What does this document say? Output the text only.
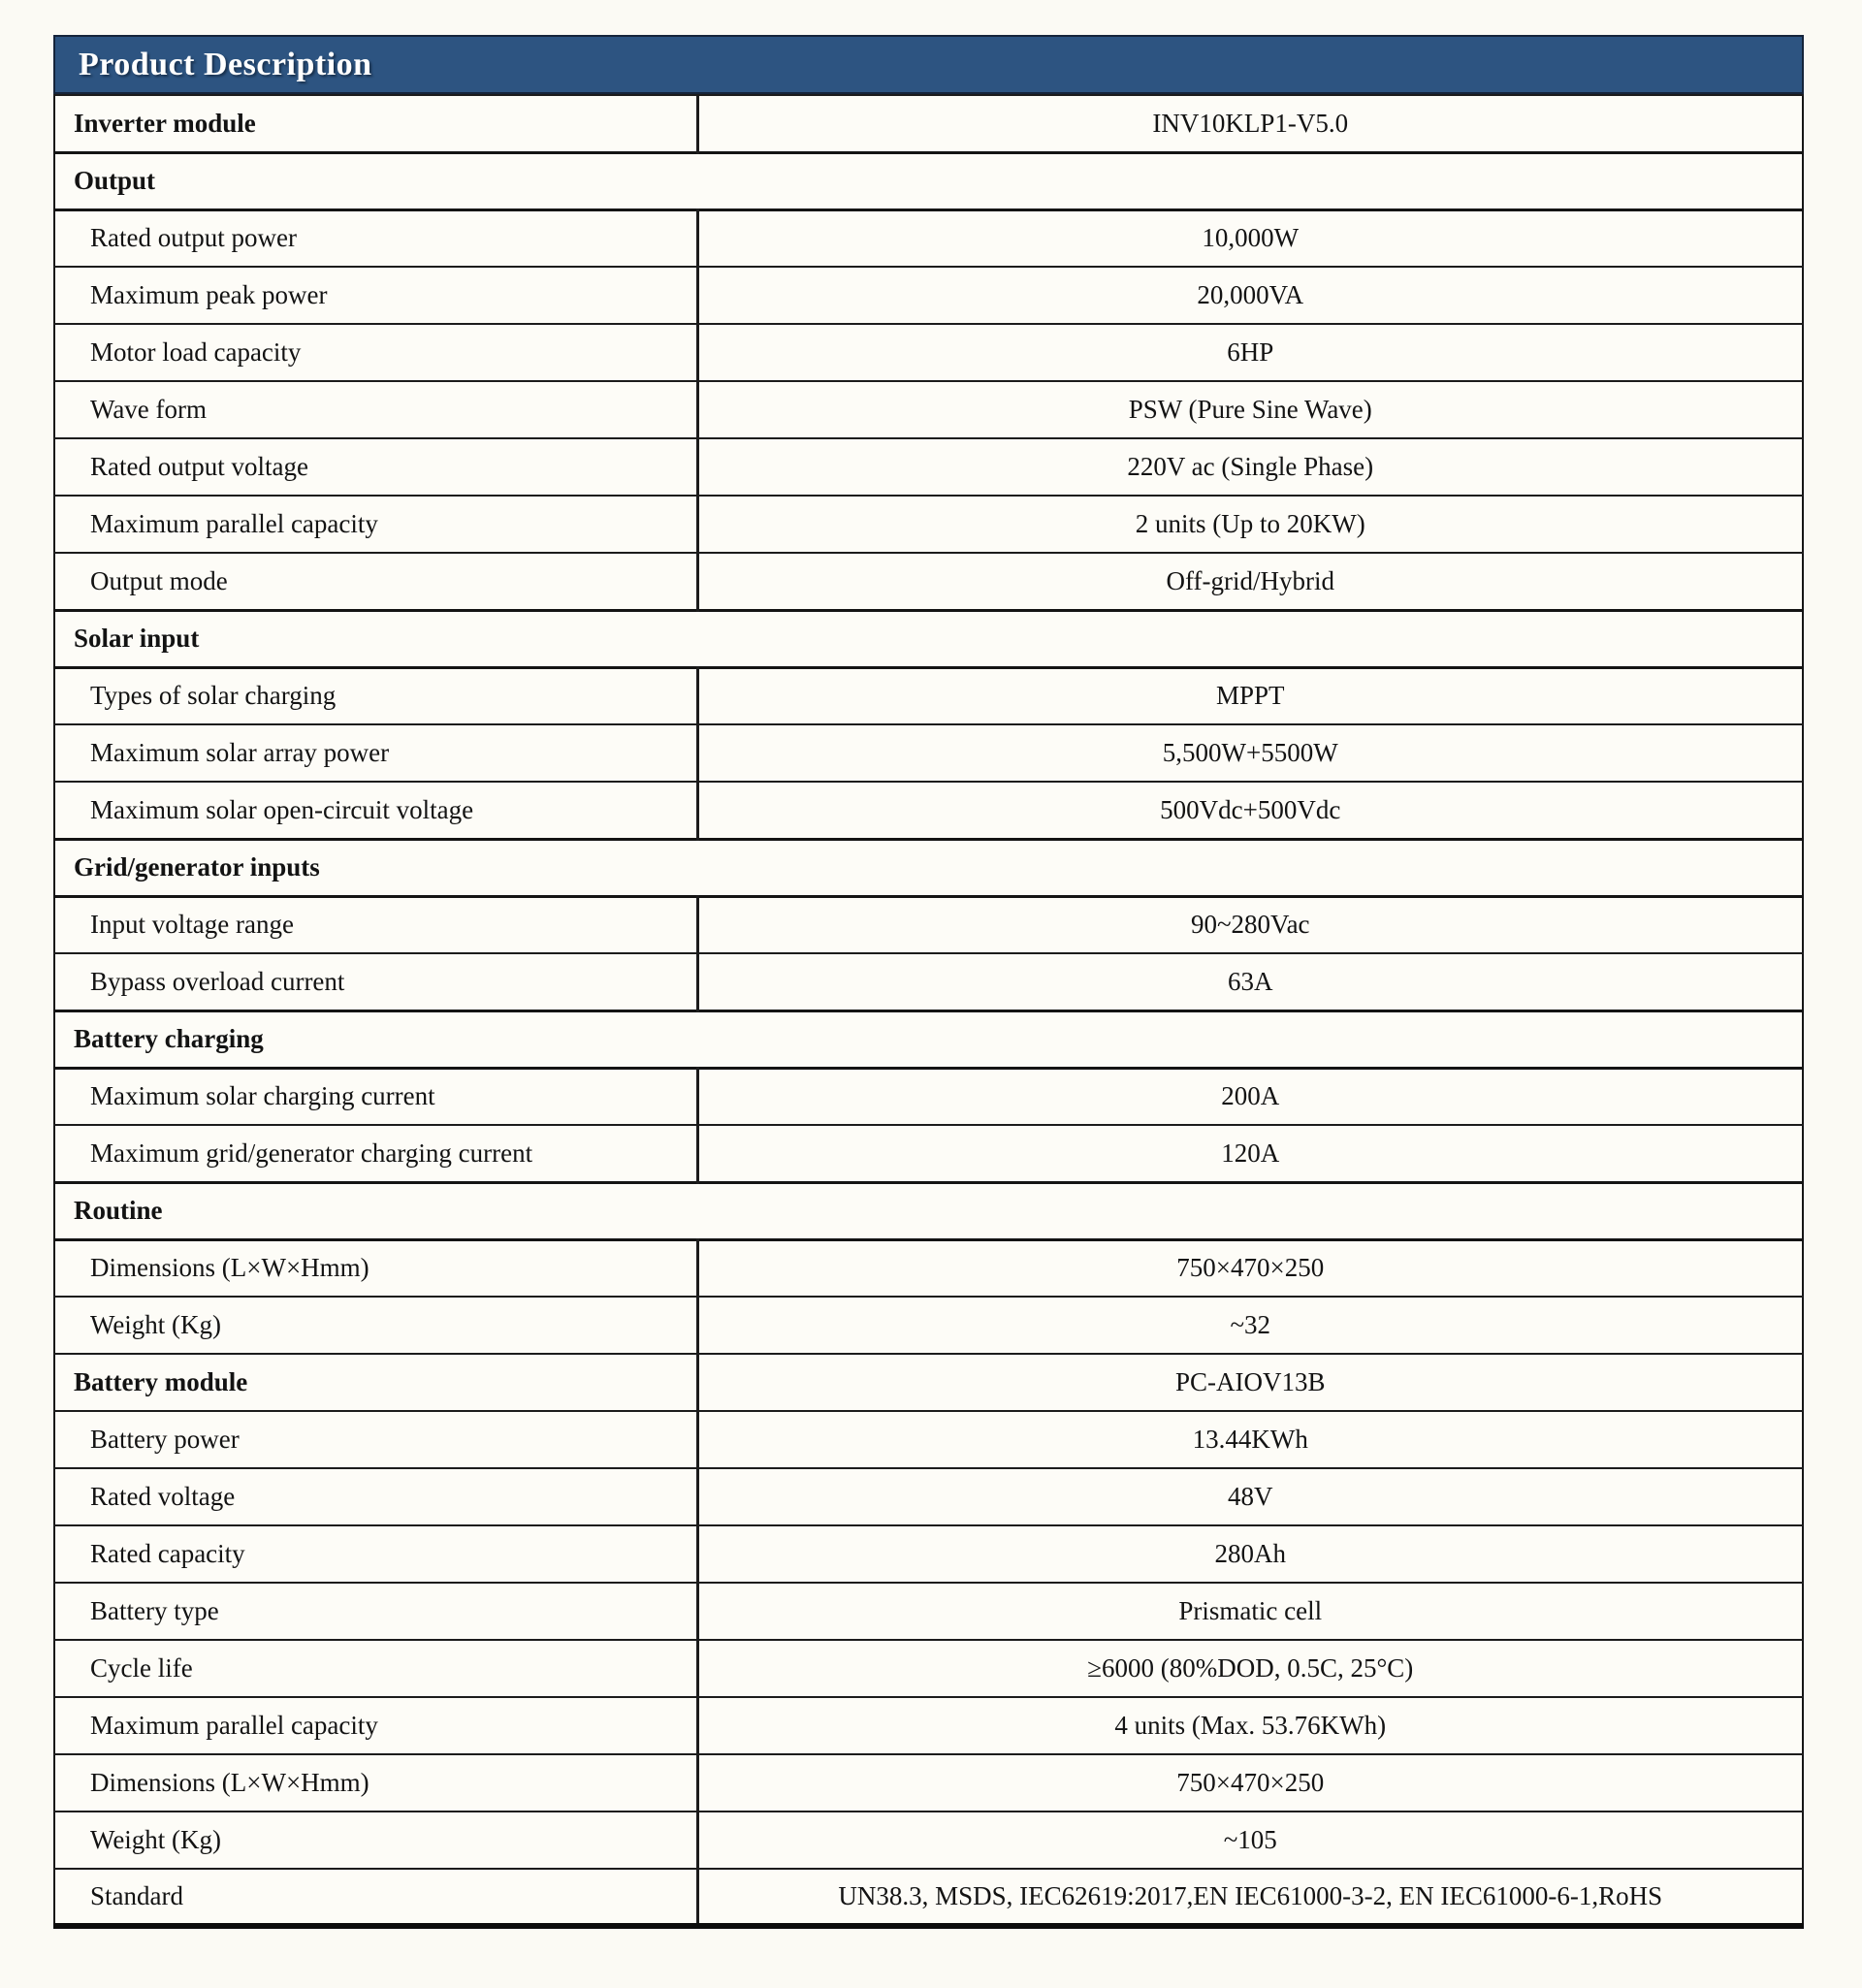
Product Description
Inverter module	INV10KLP1-V5.0
Output	
Rated output power	10,000W
Maximum peak power	20,000VA
Motor load capacity	6HP
Wave form	PSW (Pure Sine Wave)
Rated output voltage	220V ac (Single Phase)
Maximum parallel capacity	2 units (Up to 20KW)
Output mode	Off-grid/Hybrid
Solar input	
Types of solar charging	MPPT
Maximum solar array power	5,500W+5500W
Maximum solar open-circuit voltage	500Vdc+500Vdc
Grid/generator inputs	
Input voltage range	90~280Vac
Bypass overload current	63A
Battery charging	
Maximum solar charging current	200A
Maximum grid/generator charging current	120A
Routine	
Dimensions (L×W×Hmm)	750×470×250
Weight (Kg)	~32
Battery module	PC-AIOV13B
Battery power	13.44KWh
Rated voltage	48V
Rated capacity	280Ah
Battery type	Prismatic cell
Cycle life	≥6000 (80%DOD, 0.5C, 25°C)
Maximum parallel capacity	4 units (Max. 53.76KWh)
Dimensions (L×W×Hmm)	750×470×250
Weight (Kg)	~105
Standard	UN38.3, MSDS, IEC62619:2017,EN IEC61000-3-2, EN IEC61000-6-1,RoHS
